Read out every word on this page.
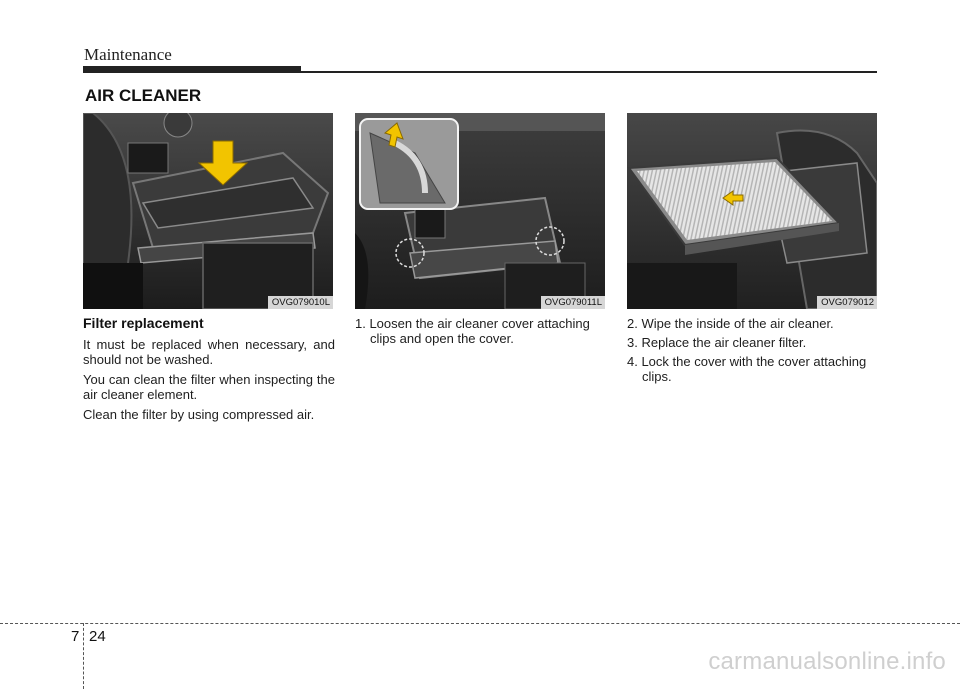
Maintenance
AIR CLEANER
OVG079010L	OVG079011L	OVG079012
Filter replacement

It must be replaced when necessary, and should not be washed.

You can clean the filter when inspecting the air cleaner element.

Clean the filter by using compressed air.

1. Loosen the air cleaner cover attaching clips and open the cover.

2. Wipe the inside of the air cleaner.

3. Replace the air cleaner filter.

4. Lock the cover with the cover attaching clips.

7 24
carmanualsonline.info
